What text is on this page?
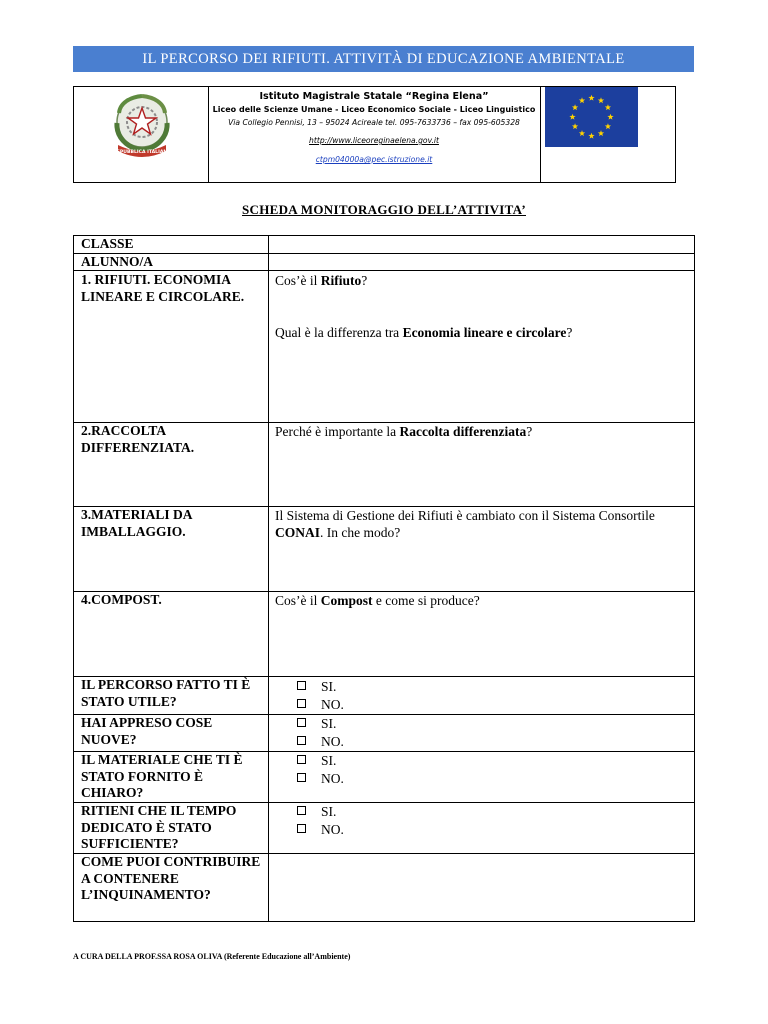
IL PERCORSO DEI RIFIUTI. ATTIVITÀ DI EDUCAZIONE AMBIENTALE
REPUBBLICA ITALIANA
Istituto Magistrale Statale “Regina Elena”
Liceo delle Scienze Umane - Liceo Economico Sociale - Liceo Linguistico
Via Collegio Pennisi, 13 – 95024 Acireale tel. 095-7633736 – fax 095-605328
http://www.liceoreginaelena.gov.it
ctpm04000a@pec.istruzione.it
SCHEDA MONITORAGGIO DELL’ATTIVITA’
CLASSE	
ALUNNO/A	
1. RIFIUTI. ECONOMIA LINEARE E CIRCOLARE.	Cos’è il Rifiuto?
Qual è la differenza tra Economia lineare e circolare?

2.RACCOLTA DIFFERENZIATA.	Perché è importante la Raccolta differenziata?
3.MATERIALI DA IMBALLAGGIO.	Il Sistema di Gestione dei Rifiuti è cambiato con il Sistema Consortile CONAI. In che modo?
4.COMPOST.	Cos’è il Compost e come si produce?
IL PERCORSO FATTO TI È STATO UTILE?	SI.
NO.

HAI APPRESO COSE NUOVE?	SI.
NO.

IL MATERIALE CHE TI È STATO FORNITO È CHIARO?	SI.
NO.

RITIENI CHE IL TEMPO DEDICATO È STATO SUFFICIENTE?	SI.
NO.

COME PUOI CONTRIBUIRE A CONTENERE L’INQUINAMENTO?	
A CURA DELLA PROF.SSA ROSA OLIVA (Referente Educazione all’Ambiente)
